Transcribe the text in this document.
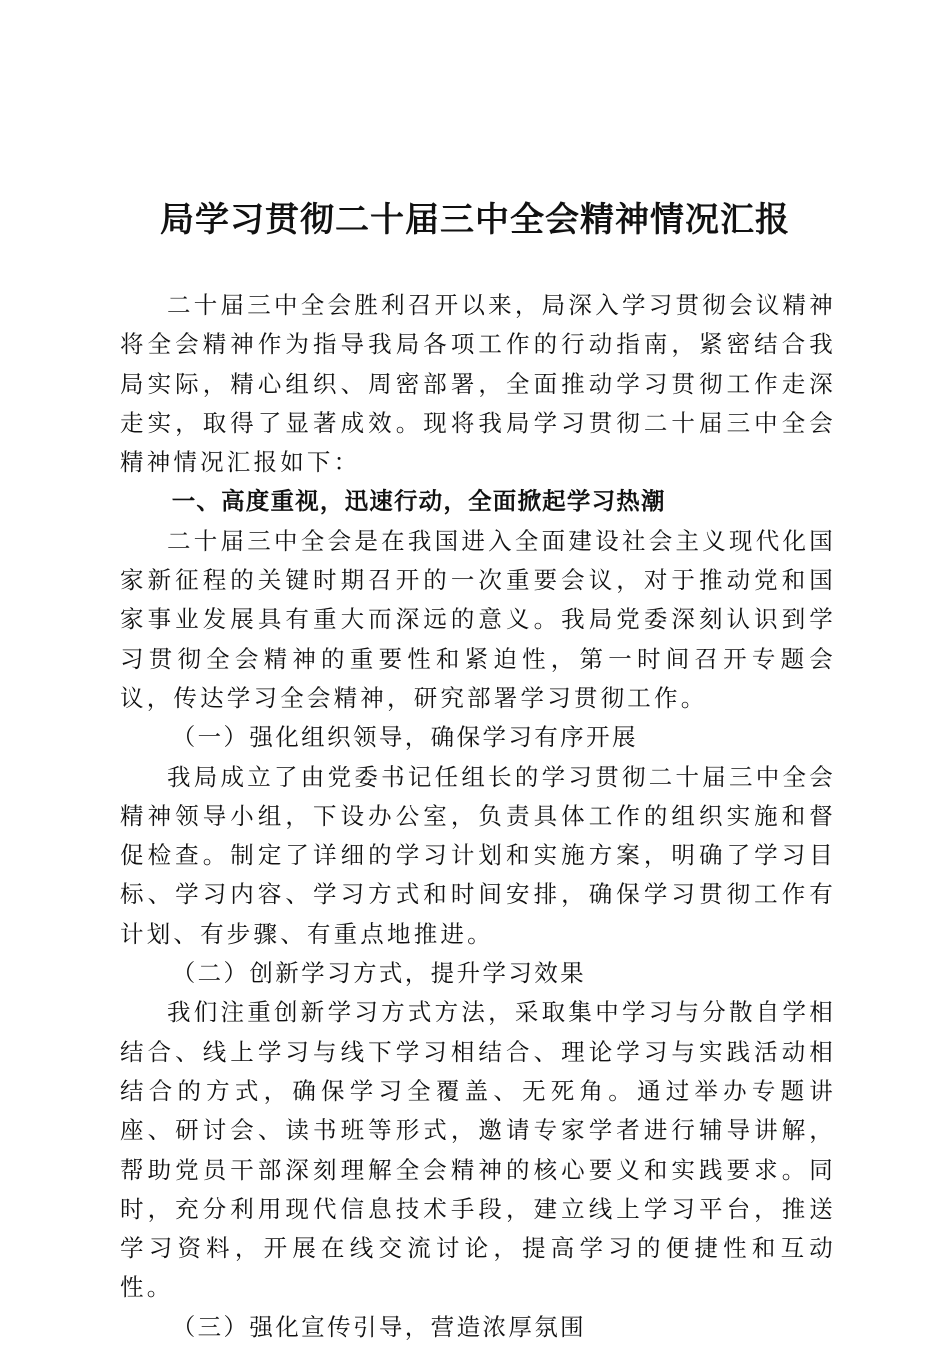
局学习贯彻二十届三中全会精神情况汇报

二十届三中全会胜利召开以来，局深入学习贯彻会议精神将全会精神作为指导我局各项工作的行动指南，紧密结合我局实际，精心组织、周密部署，全面推动学习贯彻工作走深走实，取得了显著成效。现将我局学习贯彻二十届三中全会精神情况汇报如下：

一、高度重视，迅速行动，全面掀起学习热潮

二十届三中全会是在我国进入全面建设社会主义现代化国家新征程的关键时期召开的一次重要会议，对于推动党和国家事业发展具有重大而深远的意义。我局党委深刻认识到学习贯彻全会精神的重要性和紧迫性，第一时间召开专题会议，传达学习全会精神，研究部署学习贯彻工作。

（一）强化组织领导，确保学习有序开展

我局成立了由党委书记任组长的学习贯彻二十届三中全会精神领导小组，下设办公室，负责具体工作的组织实施和督促检查。制定了详细的学习计划和实施方案，明确了学习目标、学习内容、学习方式和时间安排，确保学习贯彻工作有计划、有步骤、有重点地推进。

（二）创新学习方式，提升学习效果

我们注重创新学习方式方法，采取集中学习与分散自学相结合、线上学习与线下学习相结合、理论学习与实践活动相结合的方式，确保学习全覆盖、无死角。通过举办专题讲座、研讨会、读书班等形式，邀请专家学者进行辅导讲解，帮助党员干部深刻理解全会精神的核心要义和实践要求。同时，充分利用现代信息技术手段，建立线上学习平台，推送学习资料，开展在线交流讨论，提高学习的便捷性和互动性。

（三）强化宣传引导，营造浓厚氛围
